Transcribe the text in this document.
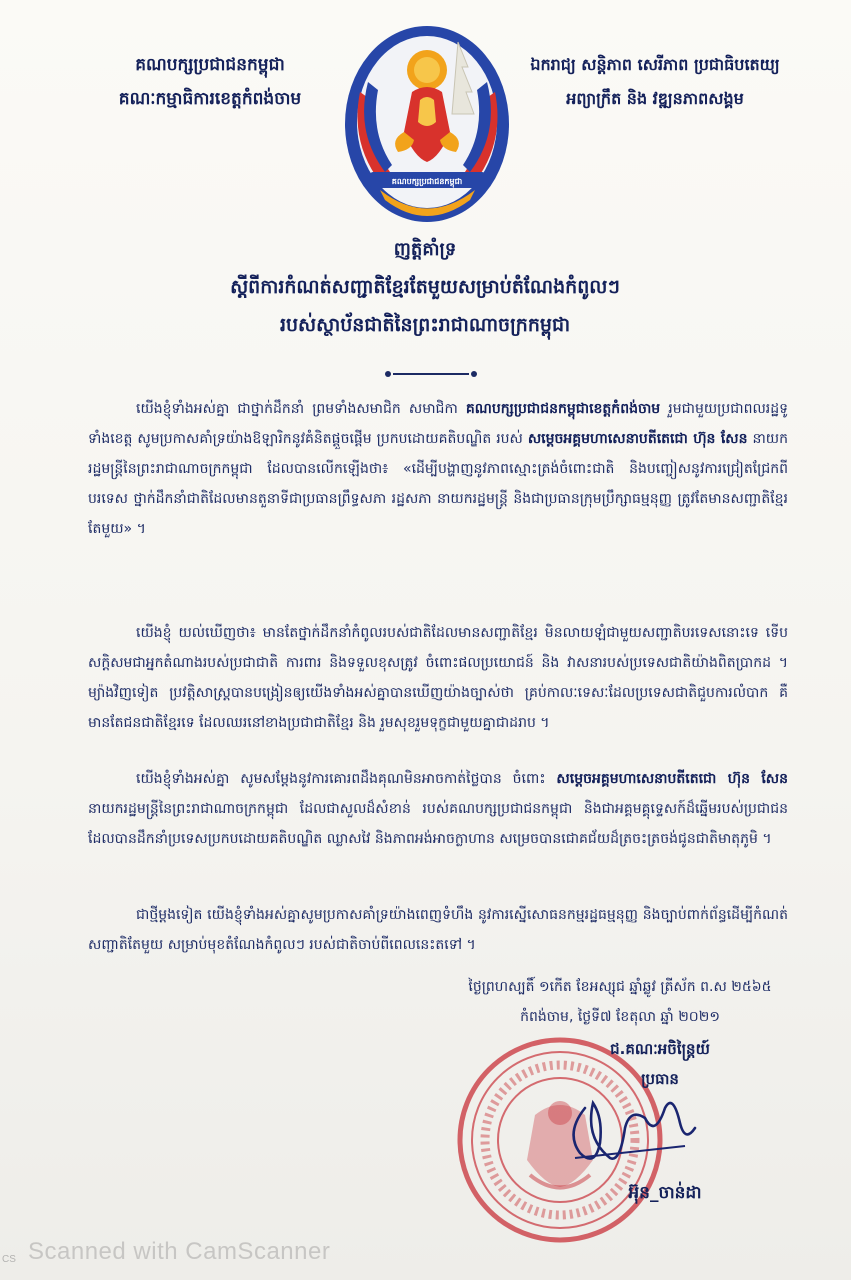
គណបក្សប្រជាជនកម្ពុជា
គណៈកម្មាធិការខេត្តកំពង់ចាម
គណបក្សប្រជាជនកម្ពុជា
ឯករាជ្យ សន្តិភាព សេរីភាព ប្រជាធិបតេយ្យ
អព្យាក្រឹត និង វឌ្ឍនភាពសង្គម
ញត្តិគាំទ្រ
ស្តីពីការកំណត់សញ្ជាតិខ្មែរតែមួយសម្រាប់តំណែងកំពូលៗ
របស់ស្ថាប័នជាតិនៃព្រះរាជាណាចក្រកម្ពុជា
យើងខ្ញុំទាំងអស់គ្នា ជាថ្នាក់ដឹកនាំ ព្រមទាំងសមាជិក សមាជិកា គណបក្សប្រជាជនកម្ពុជាខេត្តកំពង់ចាម រួមជាមួយប្រជាពលរដ្ឋទូទាំងខេត្ត សូមប្រកាសគាំទ្រយ៉ាងឱឡារិកនូវគំនិតផ្តួចផ្តើម ប្រកបដោយគតិបណ្ឌិត របស់ សម្តេចអគ្គមហាសេនាបតីតេជោ ហ៊ុន សែន នាយករដ្ឋមន្ត្រីនៃព្រះរាជាណាចក្រកម្ពុជា ដែលបានលើកឡើងថា៖ «ដើម្បីបង្ហាញនូវភាពស្មោះត្រង់ចំពោះជាតិ និងបញ្ចៀសនូវការជ្រៀតជ្រែកពីបរទេស ថ្នាក់ដឹកនាំជាតិដែលមានតួនាទីជាប្រធានព្រឹទ្ធសភា រដ្ឋសភា នាយករដ្ឋមន្ត្រី និងជាប្រធានក្រុមប្រឹក្សាធម្មនុញ្ញ ត្រូវតែមានសញ្ជាតិខ្មែរតែមួយ» ។
យើងខ្ញុំ យល់ឃើញថា៖ មានតែថ្នាក់ដឹកនាំកំពូលរបស់ជាតិដែលមានសញ្ជាតិខ្មែរ មិនលាយឡំជាមួយសញ្ជាតិបរទេសនោះទេ ទើបសក្តិសមជាអ្នកតំណាងរបស់ប្រជាជាតិ ការពារ និងទទួលខុសត្រូវ ចំពោះផលប្រយោជន៍ និង វាសនារបស់ប្រទេសជាតិយ៉ាងពិតប្រាកដ ។ ម្យ៉ាងវិញទៀត ប្រវត្តិសាស្ត្របានបង្រៀនឲ្យយើងទាំងអស់គ្នាបានឃើញយ៉ាងច្បាស់ថា គ្រប់កាលៈទេសៈដែលប្រទេសជាតិជួបការលំបាក គឺមានតែជនជាតិខ្មែរទេ ដែលឈរនៅខាងប្រជាជាតិខ្មែរ និង រួមសុខរួមទុក្ខជាមួយគ្នាជាដរាប ។
យើងខ្ញុំទាំងអស់គ្នា សូមសម្តែងនូវការគោរពដឹងគុណមិនអាចកាត់ថ្លៃបាន ចំពោះ សម្តេចអគ្គមហាសេនាបតីតេជោ ហ៊ុន សែន នាយករដ្ឋមន្ត្រីនៃព្រះរាជាណាចក្រកម្ពុជា ដែលជាសួលដ៏សំខាន់ របស់គណបក្សប្រជាជនកម្ពុជា និងជាអគ្គមគ្គុទ្ទេសក៍ដ៏ឆ្នើមរបស់ប្រជាជន ដែលបានដឹកនាំប្រទេសប្រកបដោយគតិបណ្ឌិត ឈ្លាសវៃ និងភាពអង់អាចក្លាហាន សម្រេចបានជោគជ័យដ៏ត្រចះត្រចង់ជូនជាតិមាតុភូមិ ។
ជាថ្មីម្តងទៀត យើងខ្ញុំទាំងអស់គ្នាសូមប្រកាសគាំទ្រយ៉ាងពេញទំហឹង នូវការស្នើសោធនកម្មរដ្ឋធម្មនុញ្ញ និងច្បាប់ពាក់ព័ន្ធដើម្បីកំណត់ សញ្ជាតិតែមួយ សម្រាប់មុខតំណែងកំពូលៗ របស់ជាតិចាប់ពីពេលនេះតទៅ ។
ថ្ងៃព្រហស្បតិ៍ ១កើត ខែអស្សុជ ឆ្នាំឆ្លូវ ត្រីស័ក ព.ស ២៥៦៥
កំពង់ចាម, ថ្ងៃទី៧ ខែតុលា ឆ្នាំ ២០២១
ជ.គណៈអចិន្ត្រៃយ៍
ប្រធាន
អ៊ុន_ចាន់ដា
Scanned with CamScanner
CS
